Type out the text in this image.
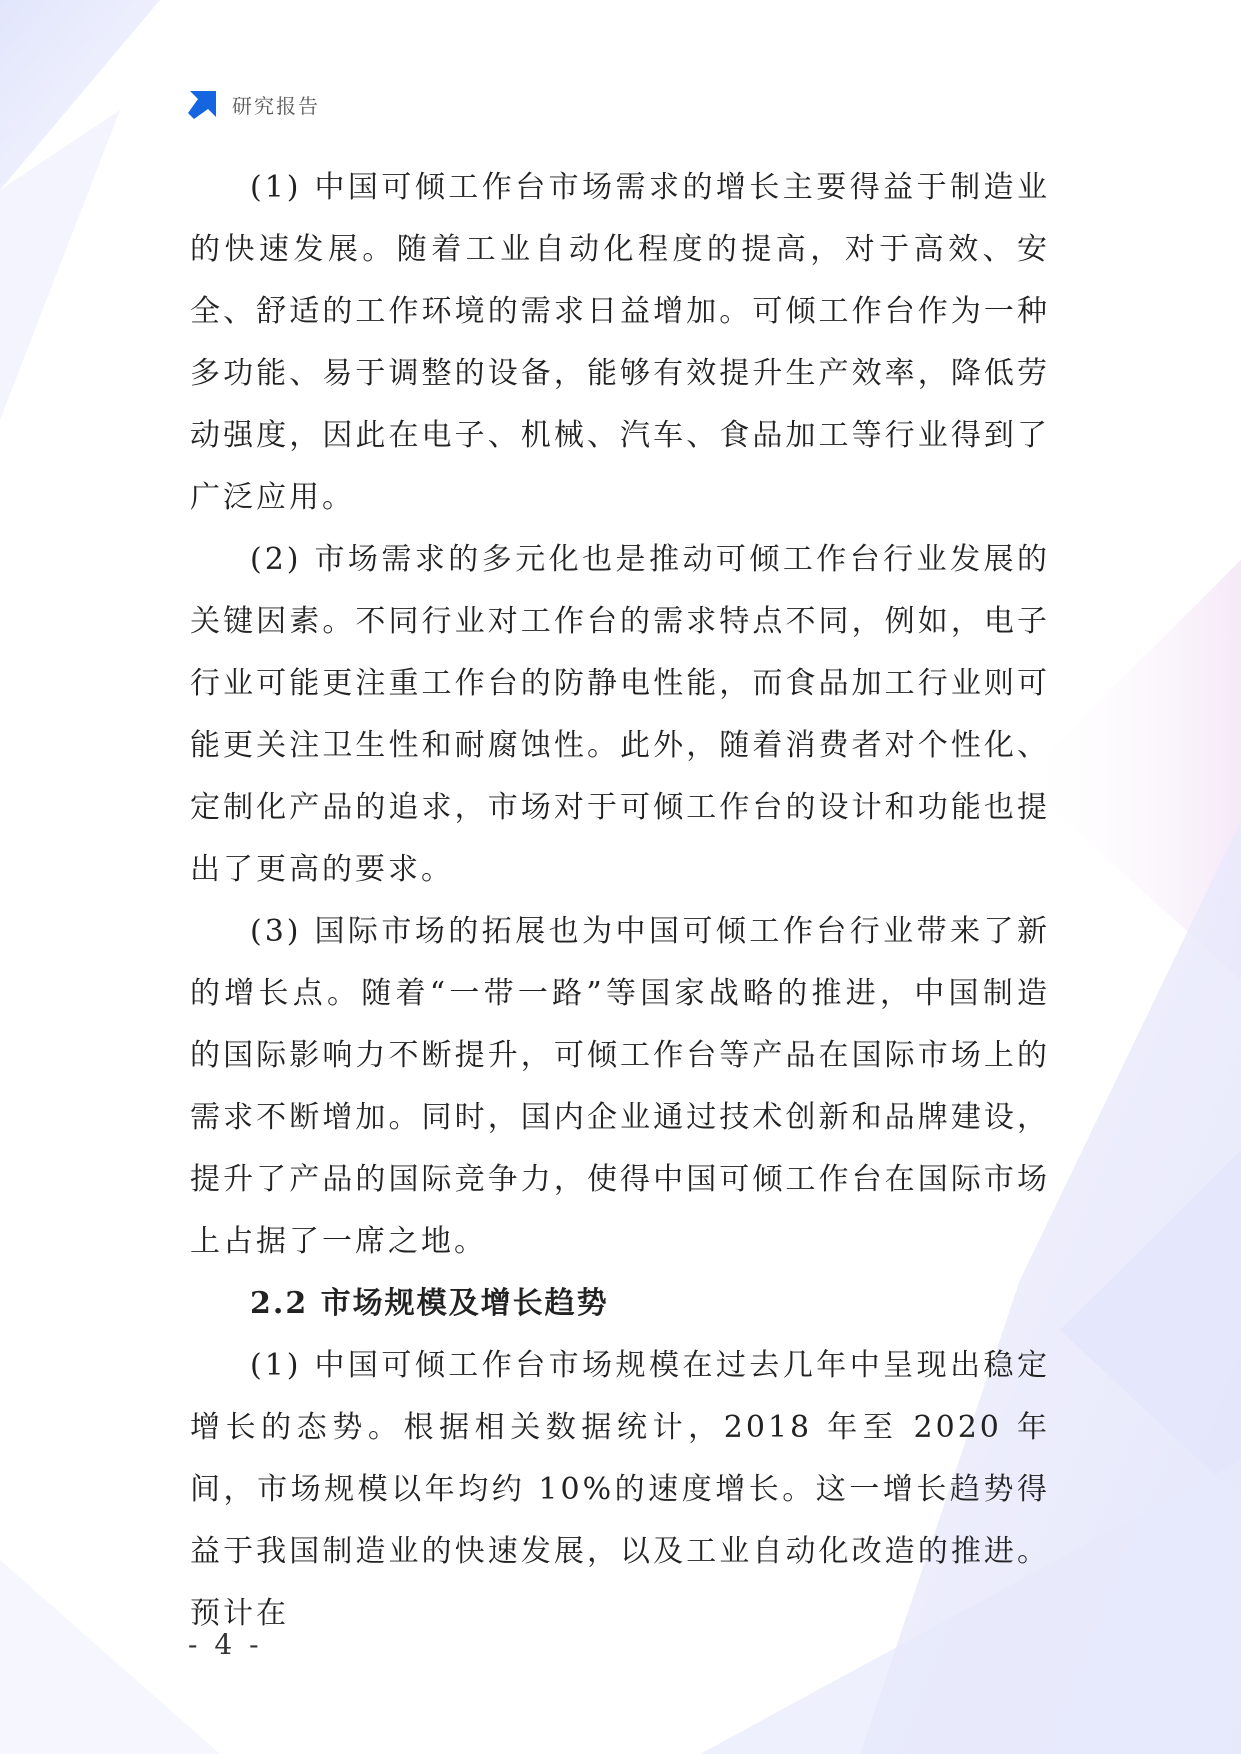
研究报告

(1) 中国可倾工作台市场需求的增长主要得益于制造业的快速发展。随着工业自动化程度的提高，对于高效、安全、舒适的工作环境的需求日益增加。可倾工作台作为一种多功能、易于调整的设备，能够有效提升生产效率，降低劳动强度，因此在电子、机械、汽车、食品加工等行业得到了广泛应用。

(2) 市场需求的多元化也是推动可倾工作台行业发展的关键因素。不同行业对工作台的需求特点不同，例如，电子行业可能更注重工作台的防静电性能，而食品加工行业则可能更关注卫生性和耐腐蚀性。此外，随着消费者对个性化、定制化产品的追求，市场对于可倾工作台的设计和功能也提出了更高的要求。

(3) 国际市场的拓展也为中国可倾工作台行业带来了新的增长点。随着“一带一路”等国家战略的推进，中国制造的国际影响力不断提升，可倾工作台等产品在国际市场上的需求不断增加。同时，国内企业通过技术创新和品牌建设，提升了产品的国际竞争力，使得中国可倾工作台在国际市场上占据了一席之地。

2.2 市场规模及增长趋势

(1) 中国可倾工作台市场规模在过去几年中呈现出稳定增长的态势。根据相关数据统计，2018 年至 2020 年间，市场规模以年均约 10%的速度增长。这一增长趋势得益于我国制造业的快速发展，以及工业自动化改造的推进。预计在

- 4 -
